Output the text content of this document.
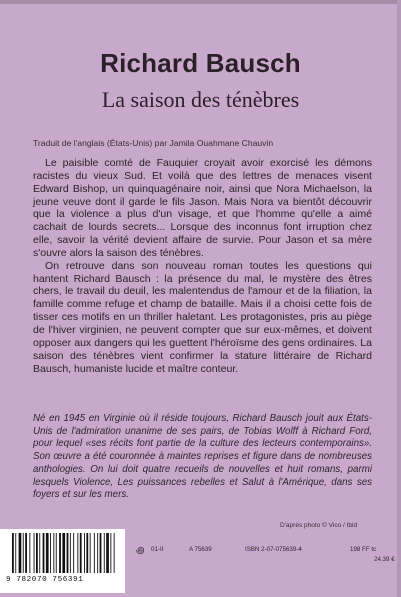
Richard Bausch
La saison des ténèbres
Traduit de l'anglais (États-Unis) par Jamila Ouahmane Chauvin

Le paisible comté de Fauquier croyait avoir exorcisé les démons racistes du vieux Sud. Et voilà que des lettres de menaces visent Edward Bishop, un quinquagénaire noir, ainsi que Nora Michaelson, la jeune veuve dont il garde le fils Jason. Mais Nora va bientôt découvrir que la violence a plus d'un visage, et que l'homme qu'elle a aimé cachait de lourds secrets... Lorsque des inconnus font irruption chez elle, savoir la vérité devient affaire de survie. Pour Jason et sa mère s'ouvre alors la saison des ténèbres.

On retrouve dans son nouveau roman toutes les questions qui hantent Richard Bausch : la présence du mal, le mystère des êtres chers, le travail du deuil, les malentendus de l'amour et de la filiation, la famille comme refuge et champ de bataille. Mais il a choisi cette fois de tisser ces motifs en un thriller haletant. Les protagonistes, pris au piège de l'hiver virginien, ne peuvent compter que sur eux-mêmes, et doivent opposer aux dangers qui les guettent l'héroïsme des gens ordinaires. La saison des ténèbres vient confirmer la stature littéraire de Richard Bausch, humaniste lucide et maître conteur.

Né en 1945 en Virginie où il réside toujours, Richard Bausch jouit aux États-Unis de l'admiration unanime de ses pairs, de Tobias Wolff à Richard Ford, pour lequel «ses récits font partie de la culture des lecteurs contemporains». Son œuvre a été couronnée à maintes reprises et figure dans de nombreuses anthologies. On lui doit quatre recueils de nouvelles et huit romans, parmi lesquels Violence, Les puissances rebelles et Salut à l'Amérique, dans ses foyers et sur les mers.
D'après photo © Vico / Ibid
9 782070 756391
꩜ 01-II	A 75639	ISBN 2-07-075639-4	198 FF tc
24.39 €
